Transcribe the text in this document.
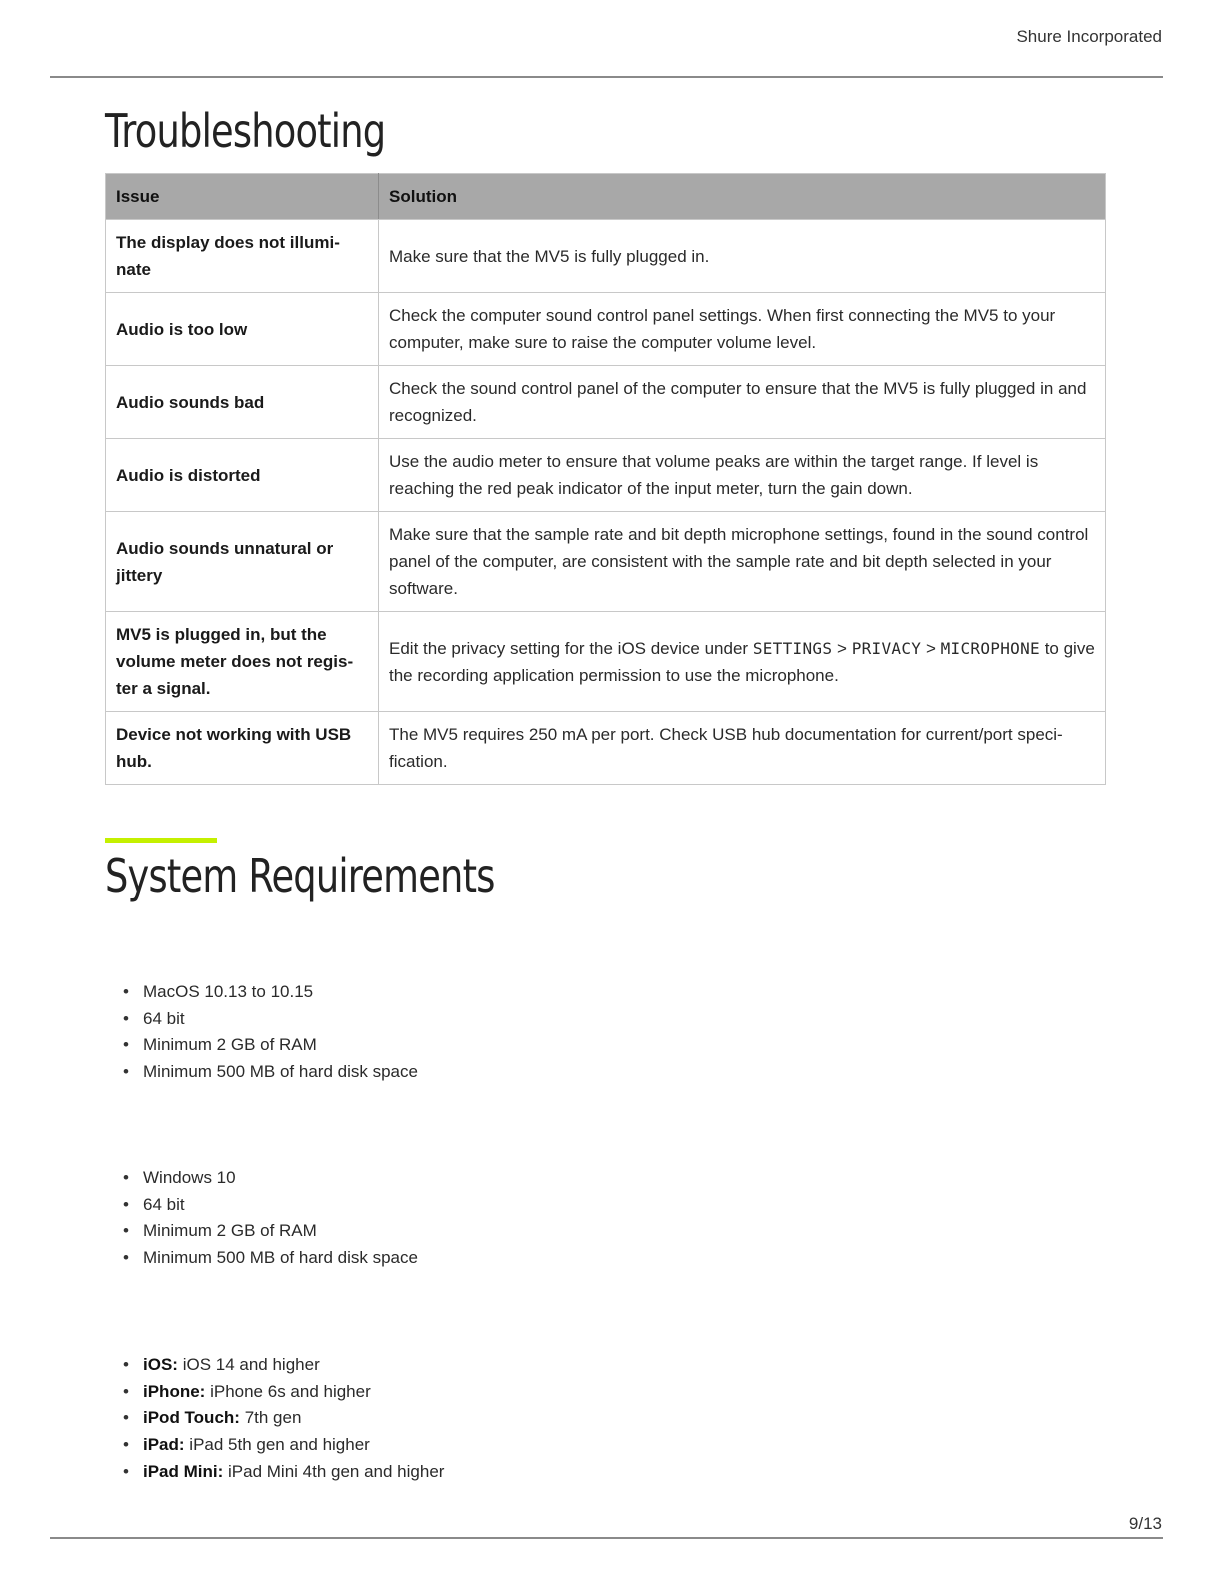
Shure Incorporated
Troubleshooting
Issue	Solution
The display does not illumi-nate	Make sure that the MV5 is fully plugged in.
Audio is too low	Check the computer sound control panel settings. When first connecting the MV5 to your computer, make sure to raise the computer volume level.
Audio sounds bad	Check the sound control panel of the computer to ensure that the MV5 is fully plugged in and recognized.
Audio is distorted	Use the audio meter to ensure that volume peaks are within the target range. If level is reaching the red peak indicator of the input meter, turn the gain down.
Audio sounds unnatural or jittery	Make sure that the sample rate and bit depth microphone settings, found in the sound control panel of the computer, are consistent with the sample rate and bit depth selected in your software.
MV5 is plugged in, but the volume meter does not regis-ter a signal.	Edit the privacy setting for the iOS device under SETTINGS > PRIVACY > MICROPHONE to give the recording application permission to use the microphone.
Device not working with USB hub.	The MV5 requires 250 mA per port. Check USB hub documentation for current/port speci-fication.
System Requirements
• MacOS 10.13 to 10.15
• 64 bit
• Minimum 2 GB of RAM
• Minimum 500 MB of hard disk space
• Windows 10
• 64 bit
• Minimum 2 GB of RAM
• Minimum 500 MB of hard disk space
• iOS: iOS 14 and higher
• iPhone: iPhone 6s and higher
• iPod Touch: 7th gen
• iPad: iPad 5th gen and higher
• iPad Mini: iPad Mini 4th gen and higher
9/13
